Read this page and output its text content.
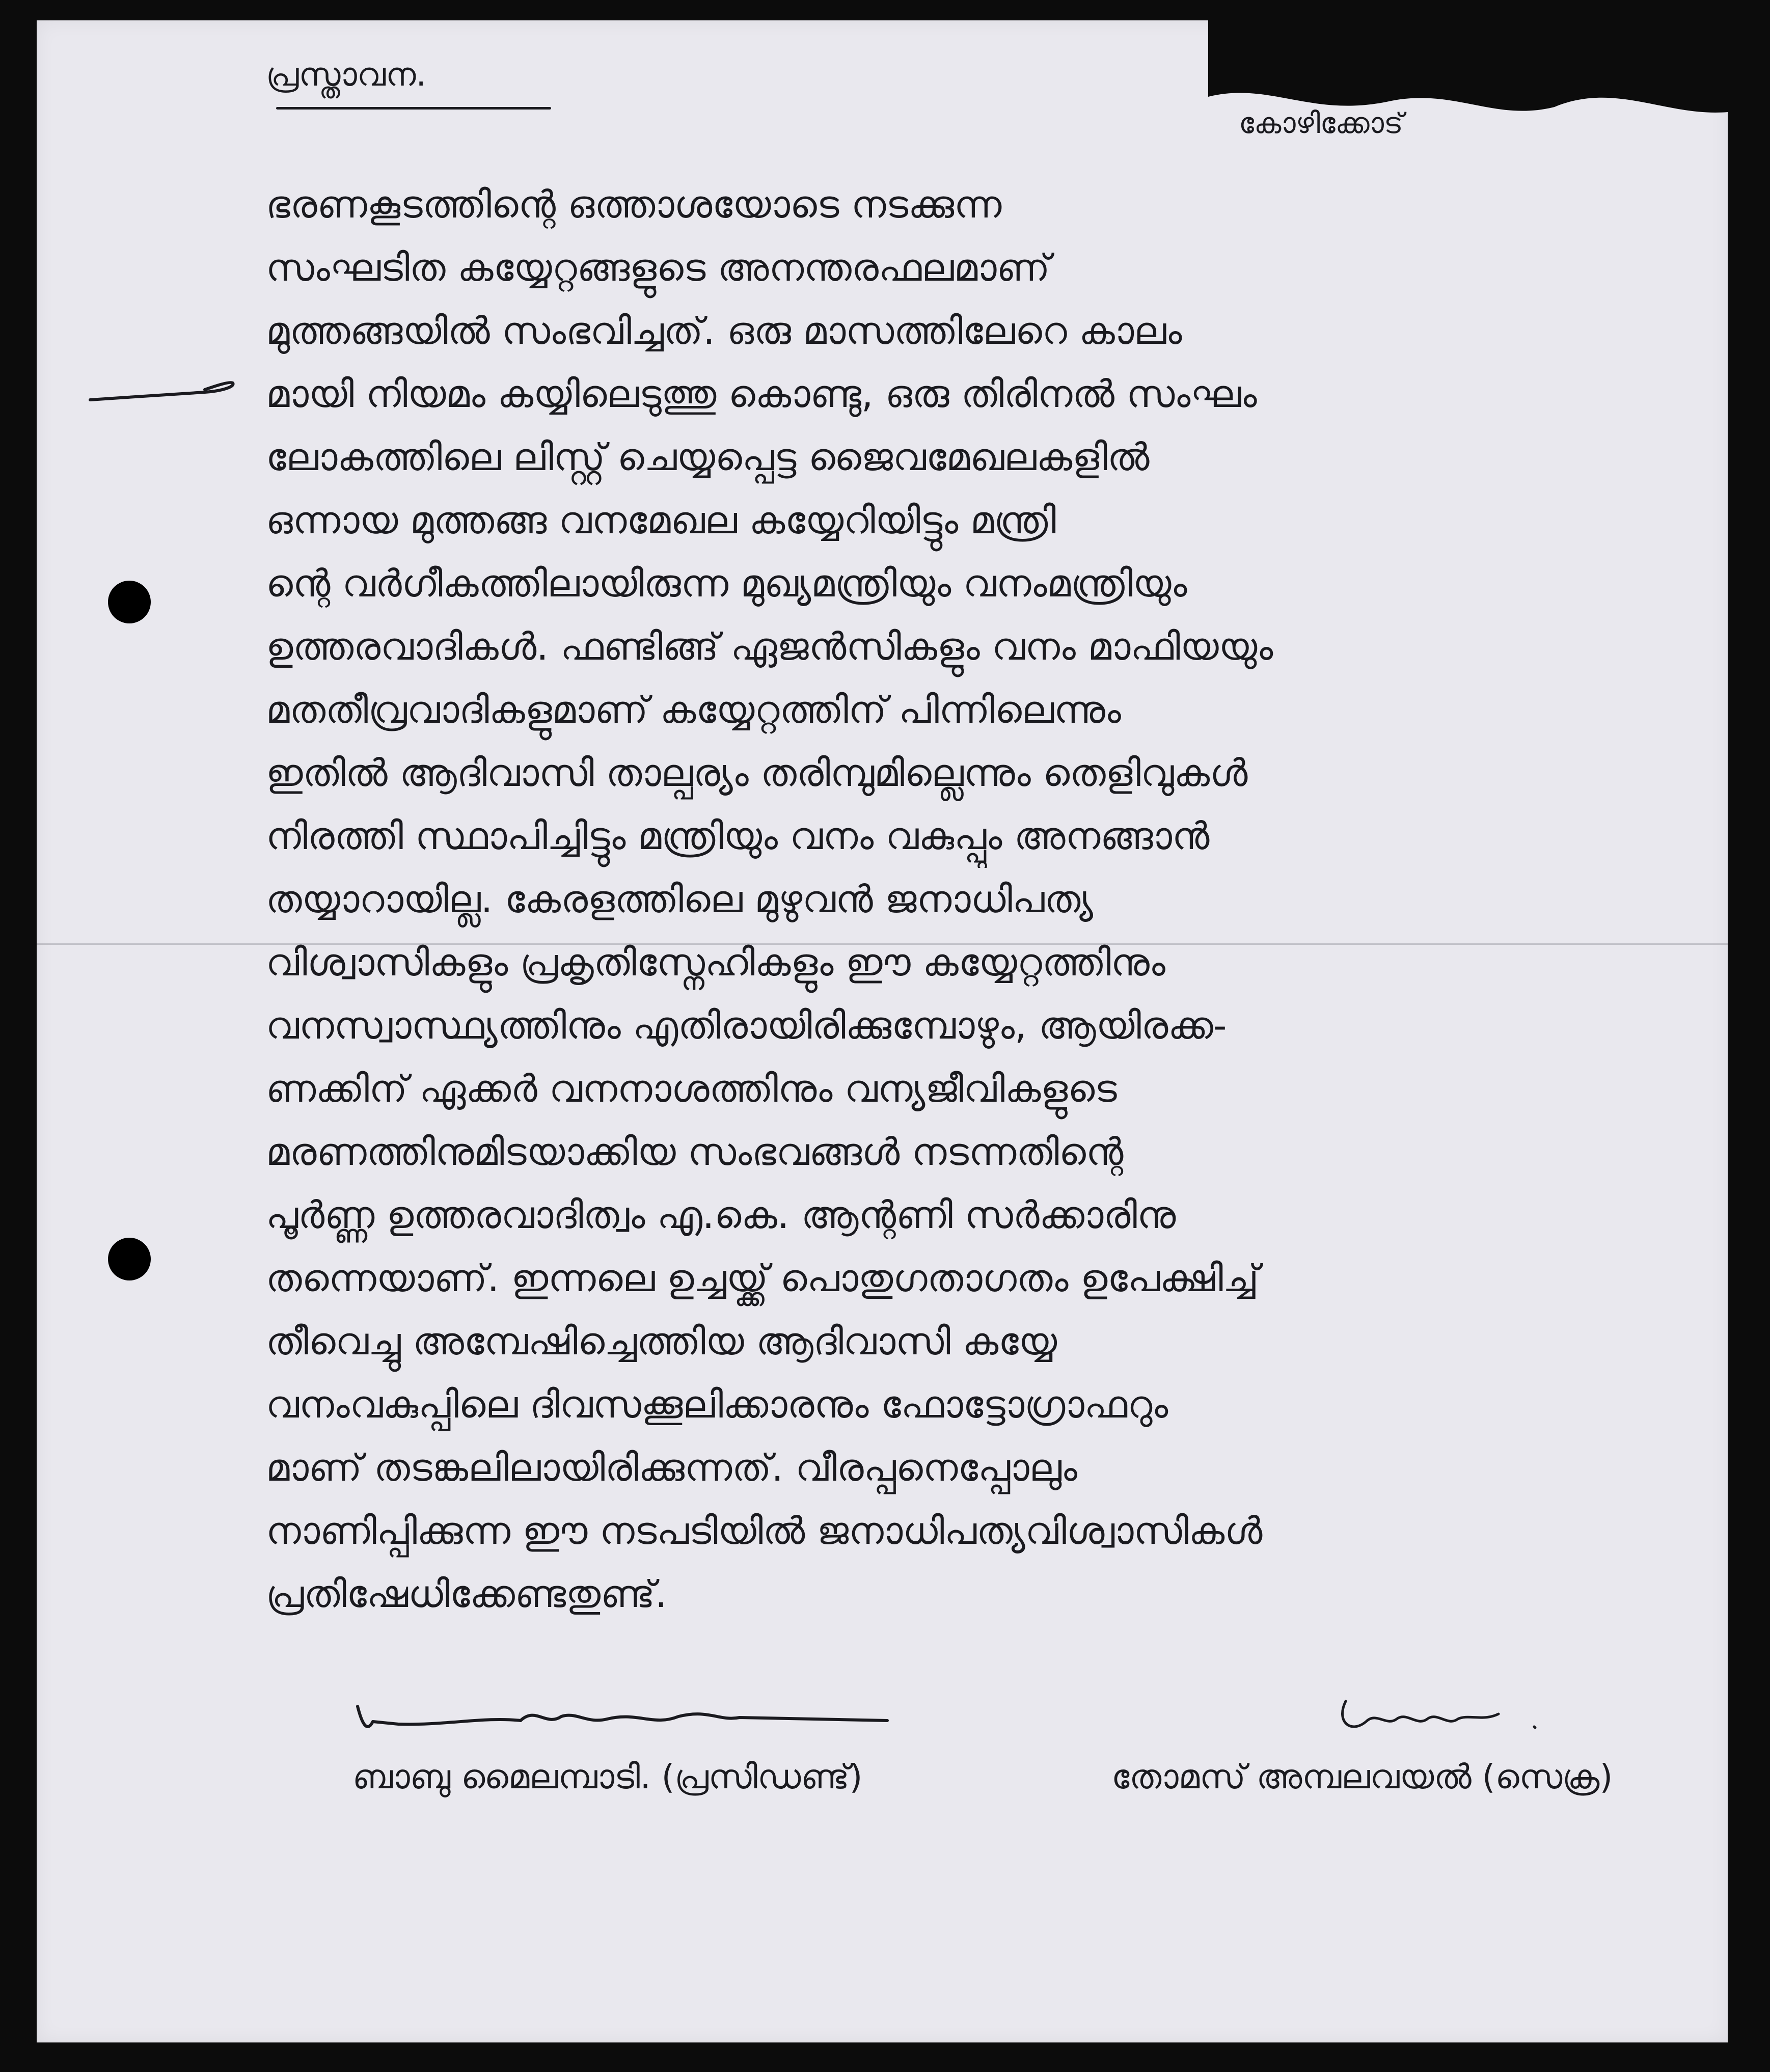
പ്രസ്താവന.
കോഴിക്കോട്
ഭരണകൂടത്തിന്റെ ഒത്താശയോടെ നടക്കുന്ന
സംഘടിത കയ്യേറ്റങ്ങളുടെ അനന്തരഫലമാണ്
മുത്തങ്ങയിൽ സംഭവിച്ചത്. ഒരു മാസത്തിലേറെ കാലം
മായി നിയമം കയ്യിലെടുത്തു കൊണ്ടു, ഒരു തിരിനൽ സംഘം
ലോകത്തിലെ ലിസ്റ്റ് ചെയ്യപ്പെട്ട ജൈവമേഖലകളിൽ
ഒന്നായ മുത്തങ്ങ വനമേഖല കയ്യേറിയിട്ടും മന്ത്രി
ന്റെ വർഗീകത്തിലായിരുന്ന മുഖ്യമന്ത്രിയും വനംമന്ത്രിയും
ഉത്തരവാദികൾ. ഫണ്ടിങ്ങ് ഏജൻസികളും വനം മാഫിയയും
മതതീവ്രവാദികളുമാണ് കയ്യേറ്റത്തിന് പിന്നിലെന്നും
ഇതിൽ ആദിവാസി താല്പര്യം തരിമ്പുമില്ലെന്നും തെളിവുകൾ
നിരത്തി സ്ഥാപിച്ചിട്ടും മന്ത്രിയും വനം വകുപ്പും അനങ്ങാൻ
തയ്യാറായില്ല. കേരളത്തിലെ മുഴുവൻ ജനാധിപത്യ
വിശ്വാസികളും പ്രകൃതിസ്നേഹികളും ഈ കയ്യേറ്റത്തിനും
വനസ്വാസ്ഥ്യത്തിനും എതിരായിരിക്കുമ്പോഴും, ആയിരക്ക-
ണക്കിന് ഏക്കർ വനനാശത്തിനും വന്യജീവികളുടെ
മരണത്തിനുമിടയാക്കിയ സംഭവങ്ങൾ നടന്നതിന്റെ
പൂർണ്ണ ഉത്തരവാദിത്വം എ.കെ. ആന്റണി സർക്കാരിനു
തന്നെയാണ്. ഇന്നലെ ഉച്ചയ്ക്ക് പൊതുഗതാഗതം ഉപേക്ഷിച്ച്
തീവെച്ചു അമ്പേഷിച്ചെത്തിയ ആദിവാസി കയ്യേ
വനംവകുപ്പിലെ ദിവസക്കൂലിക്കാരനും ഫോട്ടോഗ്രാഫറും
മാണ് തടങ്കലിലായിരിക്കുന്നത്. വീരപ്പനെപ്പോലും
നാണിപ്പിക്കുന്ന ഈ നടപടിയിൽ ജനാധിപത്യവിശ്വാസികൾ
പ്രതിഷേധിക്കേണ്ടതുണ്ട്.
ബാബു മൈലമ്പാടി. (പ്രസിഡണ്ട്)	തോമസ് അമ്പലവയൽ (സെക്ര)
